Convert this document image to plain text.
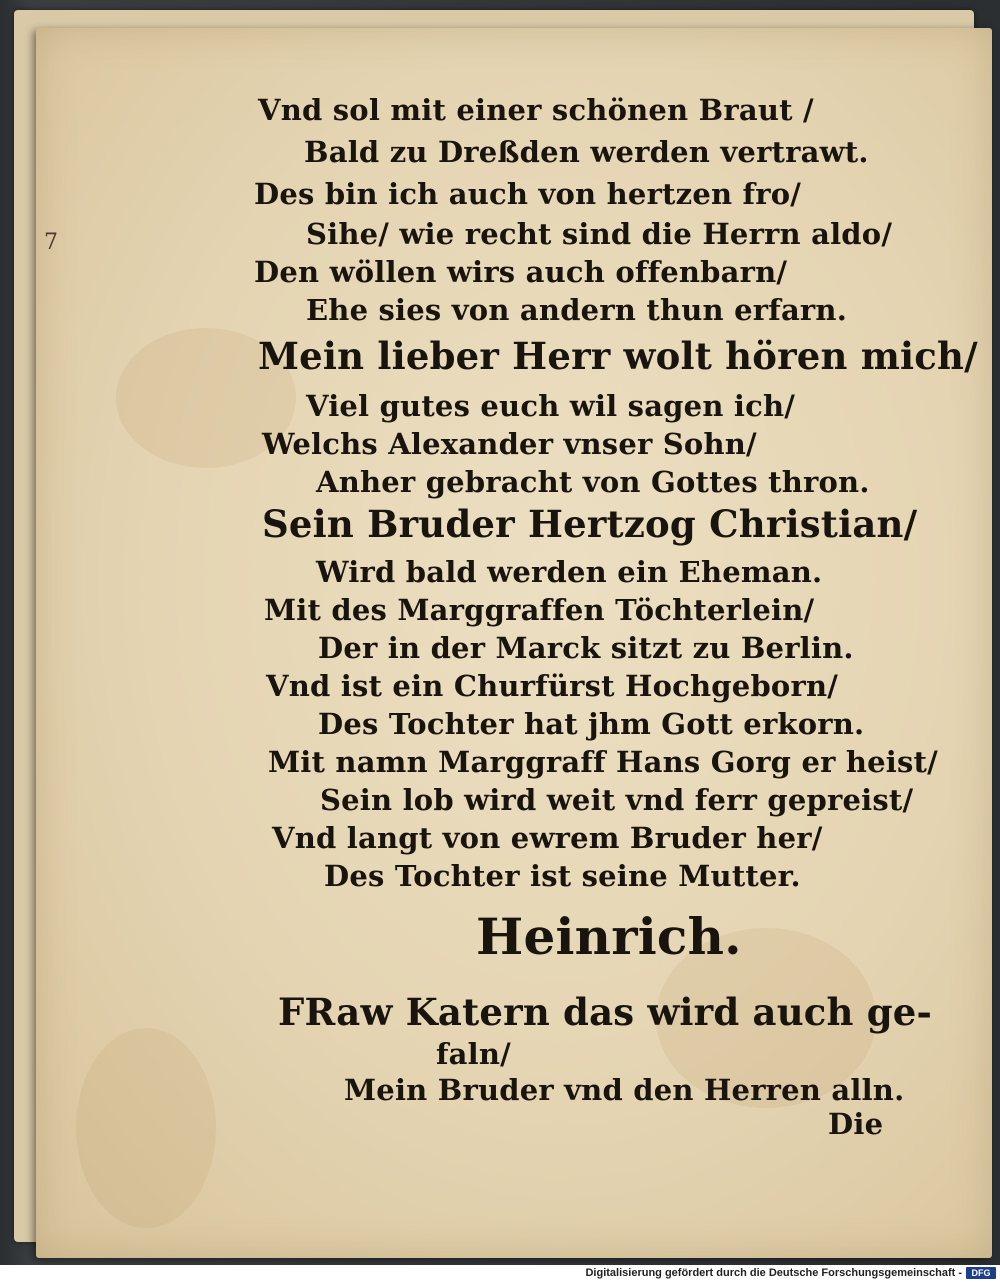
7
Vnd sol mit einer schönen Braut /
Bald zu Dreßden werden vertrawt.
Des bin ich auch von hertzen fro/
Sihe/ wie recht sind die Herrn aldo/
Den wöllen wirs auch offenbarn/
Ehe sies von andern thun erfarn.
Mein lieber Herr wolt hören mich/
Viel gutes euch wil sagen ich/
Welchs Alexander vnser Sohn/
Anher gebracht von Gottes thron.
Sein Bruder Hertzog Christian/
Wird bald werden ein Eheman.
Mit des Marggraffen Töchterlein/
Der in der Marck sitzt zu Berlin.
Vnd ist ein Churfürst Hochgeborn/
Des Tochter hat jhm Gott erkorn.
Mit namn Marggraff Hans Gorg er heist/
Sein lob wird weit vnd ferr gepreist/
Vnd langt von ewrem Bruder her/
Des Tochter ist seine Mutter.
Heinrich.
FRaw Katern das wird auch ge-
faln/
Mein Bruder vnd den Herren alln.
Die
Digitalisierung gefördert durch die Deutsche Forschungsgemeinschaft -	DFG
